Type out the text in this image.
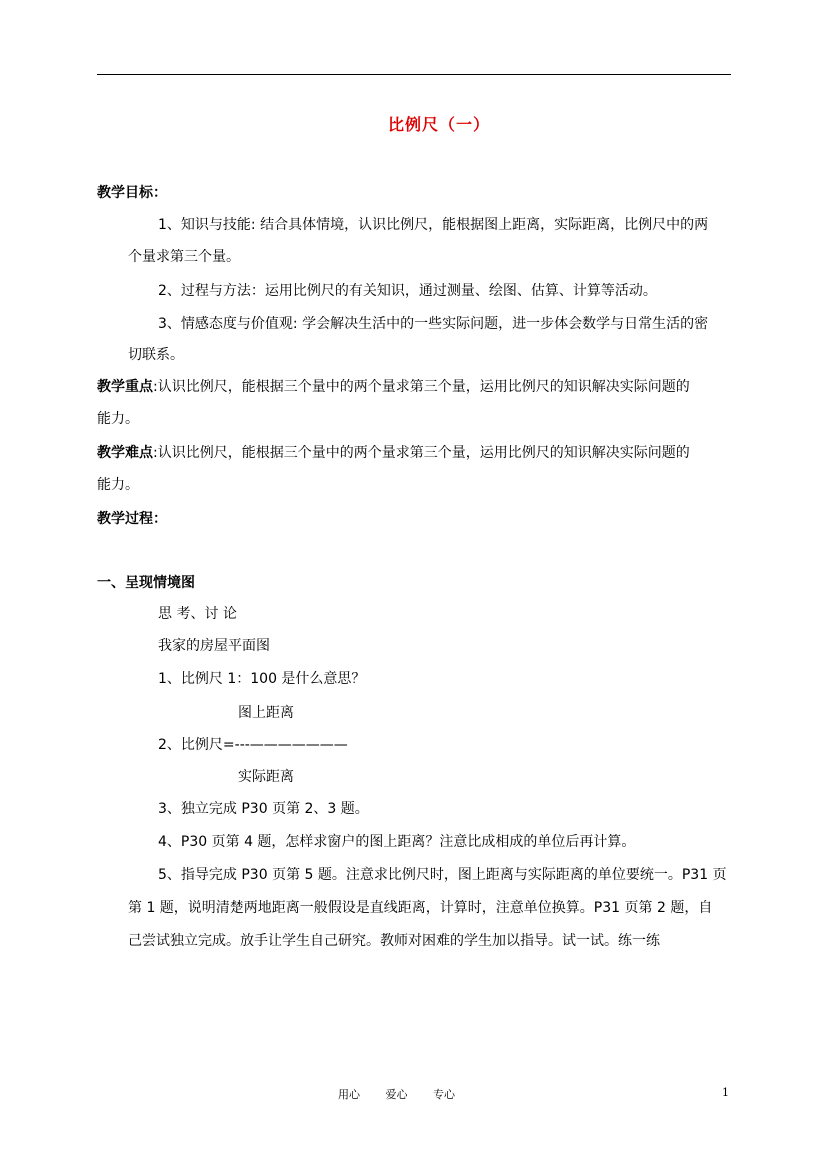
比例尺（一）
教学目标：
1、知识与技能: 结合具体情境，认识比例尺，能根据图上距离，实际距离，比例尺中的两
个量求第三个量。
2、过程与方法：运用比例尺的有关知识，通过测量、绘图、估算、计算等活动。
3、情感态度与价值观: 学会解决生活中的一些实际问题，进一步体会数学与日常生活的密
切联系。
教学重点:认识比例尺，能根据三个量中的两个量求第三个量，运用比例尺的知识解决实际问题的
能力。
教学难点:认识比例尺，能根据三个量中的两个量求第三个量，运用比例尺的知识解决实际问题的
能力。
教学过程：
一、呈现情境图
思 考、讨 论
我家的房屋平面图
1、比例尺 1：100 是什么意思？
图上距离
2、比例尺=---———————
实际距离
3、独立完成 P30 页第 2、3 题。
4、P30 页第 4 题，怎样求窗户的图上距离？注意比成相成的单位后再计算。
5、指导完成 P30 页第 5 题。注意求比例尺时，图上距离与实际距离的单位要统一。P31 页
第 1 题，说明清楚两地距离一般假设是直线距离，计算时，注意单位换算。P31 页第 2 题，自
己尝试独立完成。放手让学生自己研究。教师对困难的学生加以指导。试一试。练一练
用心 爱心 专心	1
